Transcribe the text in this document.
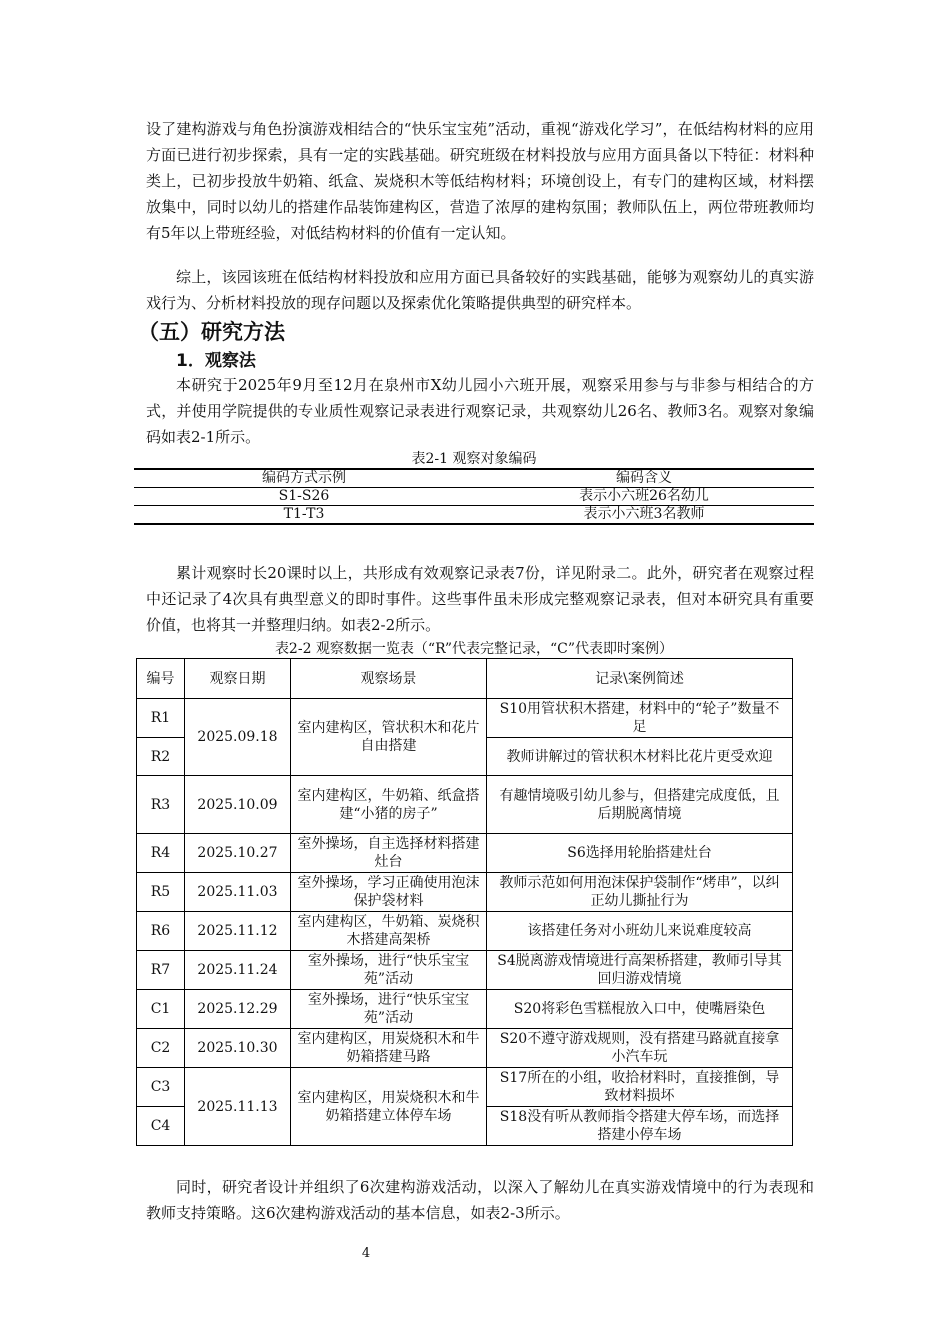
设了建构游戏与角色扮演游戏相结合的“快乐宝宝苑”活动，重视“游戏化学习”，在低结构材料的应用方面已进行初步探索，具有一定的实践基础。研究班级在材料投放与应用方面具备以下特征：材料种类上，已初步投放牛奶箱、纸盒、炭烧积木等低结构材料；环境创设上，有专门的建构区域，材料摆放集中，同时以幼儿的搭建作品装饰建构区，营造了浓厚的建构氛围；教师队伍上，两位带班教师均有5年以上带班经验，对低结构材料的价值有一定认知。

综上，该园该班在低结构材料投放和应用方面已具备较好的实践基础，能够为观察幼儿的真实游戏行为、分析材料投放的现存问题以及探索优化策略提供典型的研究样本。

（五）研究方法
1．观察法

本研究于2025年9月至12月在泉州市X幼儿园小六班开展，观察采用参与与非参与相结合的方式，并使用学院提供的专业质性观察记录表进行观察记录，共观察幼儿26名、教师3名。观察对象编码如表2-1所示。

表2-1 观察对象编码

编码方式示例	编码含义
S1-S26	表示小六班26名幼儿
T1-T3	表示小六班3名教师

累计观察时长20课时以上，共形成有效观察记录表7份，详见附录二。此外，研究者在观察过程中还记录了4次具有典型意义的即时事件。这些事件虽未形成完整观察记录表，但对本研究具有重要价值，也将其一并整理归纳。如表2-2所示。

表2-2 观察数据一览表（“R”代表完整记录，“C”代表即时案例）

编号	观察日期	观察场景	记录\案例简述
R1	2025.09.18	室内建构区，管状积木和花片自由搭建	S10用管状积木搭建，材料中的“轮子”数量不足
R2			教师讲解过的管状积木材料比花片更受欢迎
R3	2025.10.09	室内建构区，牛奶箱、纸盒搭建“小猪的房子”	有趣情境吸引幼儿参与，但搭建完成度低，且后期脱离情境
R4	2025.10.27	室外操场，自主选择材料搭建灶台	S6选择用轮胎搭建灶台
R5	2025.11.03	室外操场，学习正确使用泡沫保护袋材料	教师示范如何用泡沫保护袋制作“烤串”，以纠正幼儿撕扯行为
R6	2025.11.12	室内建构区，牛奶箱、炭烧积木搭建高架桥	该搭建任务对小班幼儿来说难度较高
R7	2025.11.24	室外操场，进行“快乐宝宝苑”活动	S4脱离游戏情境进行高架桥搭建，教师引导其回归游戏情境
C1	2025.12.29	室外操场，进行“快乐宝宝苑”活动	S20将彩色雪糕棍放入口中，使嘴唇染色
C2	2025.10.30	室内建构区，用炭烧积木和牛奶箱搭建马路	S20不遵守游戏规则，没有搭建马路就直接拿小汽车玩
C3	2025.11.13	室内建构区，用炭烧积木和牛奶箱搭建立体停车场	S17所在的小组，收拾材料时，直接推倒，导致材料损坏
C4			S18没有听从教师指令搭建大停车场，而选择搭建小停车场

同时，研究者设计并组织了6次建构游戏活动，以深入了解幼儿在真实游戏情境中的行为表现和教师支持策略。这6次建构游戏活动的基本信息，如表2-3所示。

4
